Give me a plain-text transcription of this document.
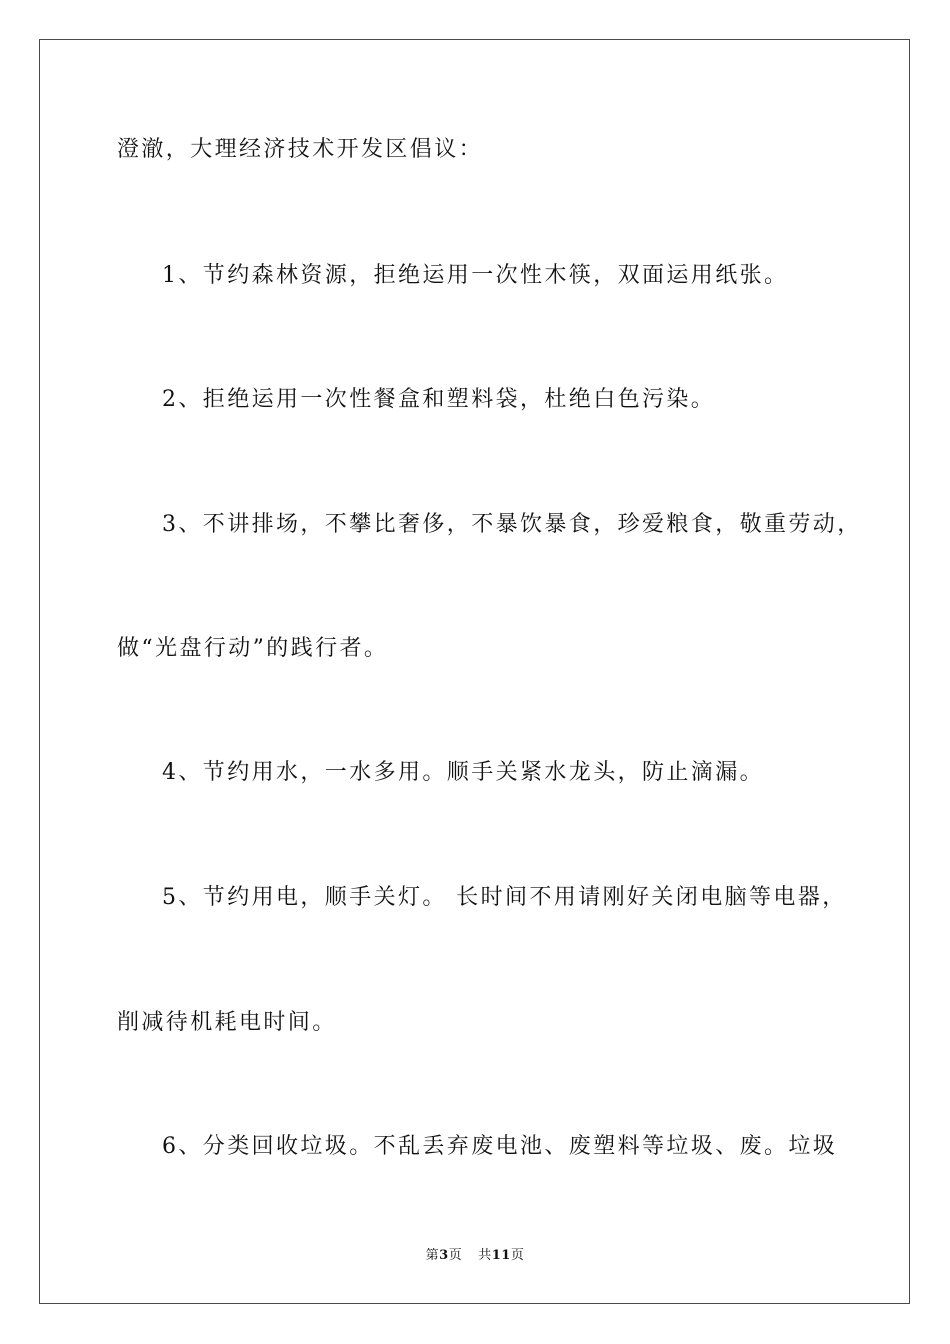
澄澈，大理经济技术开发区倡议：
1、节约森林资源，拒绝运用一次性木筷，双面运用纸张。
2、拒绝运用一次性餐盒和塑料袋，杜绝白色污染。
3、不讲排场，不攀比奢侈，不暴饮暴食，珍爱粮食，敬重劳动，
做“光盘行动”的践行者。
4、节约用水，一水多用。顺手关紧水龙头，防止滴漏。
5、节约用电，顺手关灯。 长时间不用请刚好关闭电脑等电器，
削减待机耗电时间。
6、分类回收垃圾。不乱丢弃废电池、废塑料等垃圾、废。垃圾
第3页 共11页
